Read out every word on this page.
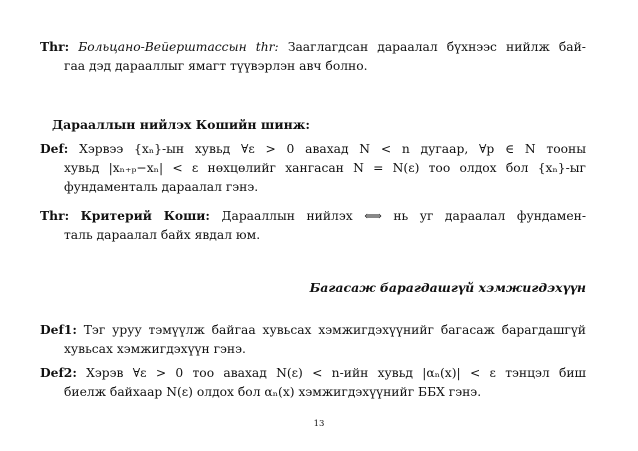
Thr: Больцано-Вейерштассын thr: Зааглагдсан дараалал бүхнээс нийлж бай-
гаа дэд дарааллыг ямагт түүвэрлэн авч болно.
Дарааллын нийлэх Кошийн шинж:
Def: Хэрвээ {xₙ}-ын хувьд ∀ε > 0 авахад N < n дугаар, ∀p ∈ N тооны
хувьд |xₙ₊ₚ−xₙ| < ε нөхцөлийг хангасан N = N(ε) тоо олдох бол {xₙ}-ыг
фундаменталь дараалал гэнэ.
Thr: Критерий Коши: Дарааллын нийлэх ⟺ нь уг дараалал фундамен-
таль дараалал байх явдал юм.
Багасаж барагдашгүй хэмжигдэхүүн
Def1: Тэг уруу тэмүүлж байгаа хувьсах хэмжигдэхүүнийг багасаж барагдашгүй
хувьсах хэмжигдэхүүн гэнэ.
Def2: Хэрэв ∀ε > 0 тоо авахад N(ε) < n-ийн хувьд |αₙ(x)| < ε тэнцэл биш
биелж байхаар N(ε) олдох бол αₙ(x) хэмжигдэхүүнийг ББХ гэнэ.
13
